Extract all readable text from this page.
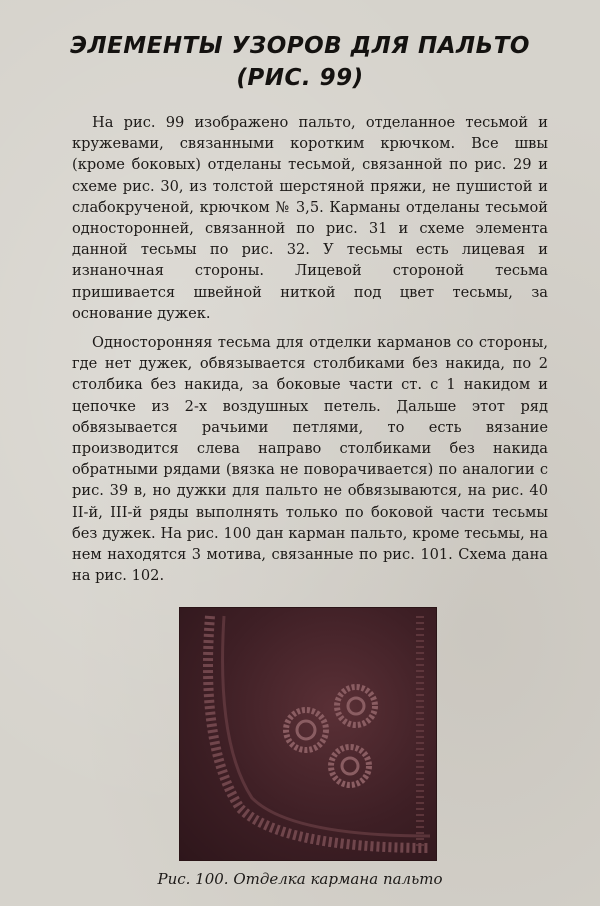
ЭЛЕМЕНТЫ УЗОРОВ ДЛЯ ПАЛЬТО
(РИС. 99)

На рис. 99 изображено пальто, отделанное тесьмой и кружевами, связанными коротким крючком. Все швы (кроме боковых) отделаны тесьмой, связанной по рис. 29 и схеме рис. 30, из толстой шерстяной пряжи, не пушистой и слабокрученой, крючком № 3,5. Карманы отделаны тесьмой односторонней, связанной по рис. 31 и схеме элемента данной тесьмы по рис. 32. У тесьмы есть лицевая и изнаночная стороны. Лицевой стороной тесьма пришивается швейной ниткой под цвет тесьмы, за основание дужек.

Односторонняя тесьма для отделки карманов со стороны, где нет дужек, обвязывается столбиками без накида, по 2 столбика без накида, за боковые части ст. с 1 накидом и цепочке из 2-х воздушных петель. Дальше этот ряд обвязывается рачьими петлями, то есть вязание производится слева направо столбиками без накида обратными рядами (вязка не поворачивается) по аналогии с рис. 39 в, но дужки для пальто не обвязываются, на рис. 40 II-й, III-й ряды выполнять только по боковой части тесьмы без дужек. На рис. 100 дан карман пальто, кроме тесьмы, на нем находятся 3 мотива, связанные по рис. 101. Схема дана на рис. 102.

Рис. 100. Отделка кармана пальто
